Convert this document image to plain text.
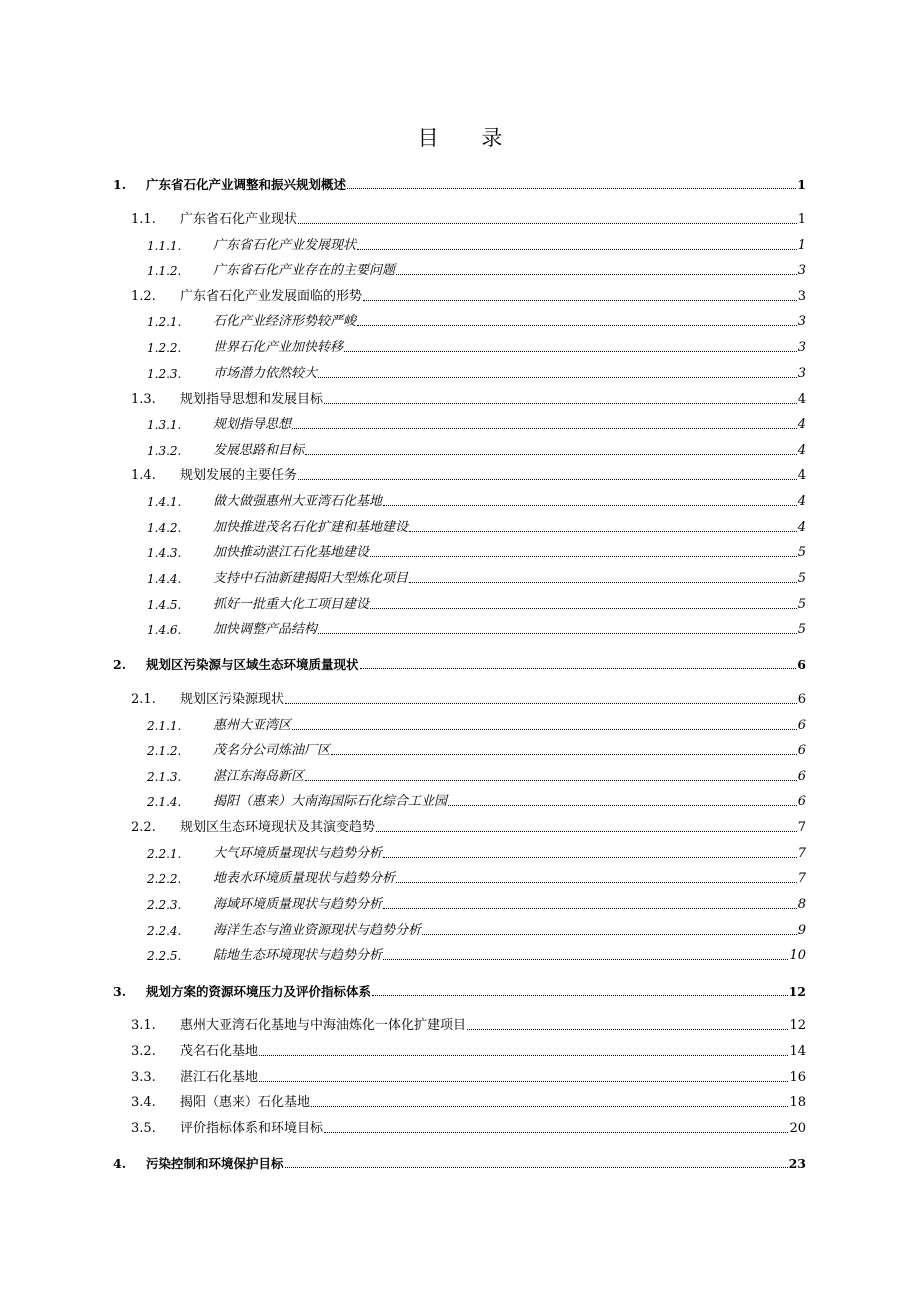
目 录
1. 广东省石化产业调整和振兴规划概述	1
1.1. 广东省石化产业现状	1
1.1.1. 广东省石化产业发展现状	1
1.1.2. 广东省石化产业存在的主要问题	3
1.2. 广东省石化产业发展面临的形势	3
1.2.1. 石化产业经济形势较严峻	3
1.2.2. 世界石化产业加快转移	3
1.2.3. 市场潜力依然较大	3
1.3. 规划指导思想和发展目标	4
1.3.1. 规划指导思想	4
1.3.2. 发展思路和目标	4
1.4. 规划发展的主要任务	4
1.4.1. 做大做强惠州大亚湾石化基地	4
1.4.2. 加快推进茂名石化扩建和基地建设	4
1.4.3. 加快推动湛江石化基地建设	5
1.4.4. 支持中石油新建揭阳大型炼化项目	5
1.4.5. 抓好一批重大化工项目建设	5
1.4.6. 加快调整产品结构	5
2. 规划区污染源与区域生态环境质量现状	6
2.1. 规划区污染源现状	6
2.1.1. 惠州大亚湾区	6
2.1.2. 茂名分公司炼油厂区	6
2.1.3. 湛江东海岛新区	6
2.1.4. 揭阳（惠来）大南海国际石化综合工业园	6
2.2. 规划区生态环境现状及其演变趋势	7
2.2.1. 大气环境质量现状与趋势分析	7
2.2.2. 地表水环境质量现状与趋势分析	7
2.2.3. 海域环境质量现状与趋势分析	8
2.2.4. 海洋生态与渔业资源现状与趋势分析	9
2.2.5. 陆地生态环境现状与趋势分析	10
3. 规划方案的资源环境压力及评价指标体系	12
3.1. 惠州大亚湾石化基地与中海油炼化一体化扩建项目	12
3.2. 茂名石化基地	14
3.3. 湛江石化基地	16
3.4. 揭阳（惠来）石化基地	18
3.5. 评价指标体系和环境目标	20
4. 污染控制和环境保护目标	23
